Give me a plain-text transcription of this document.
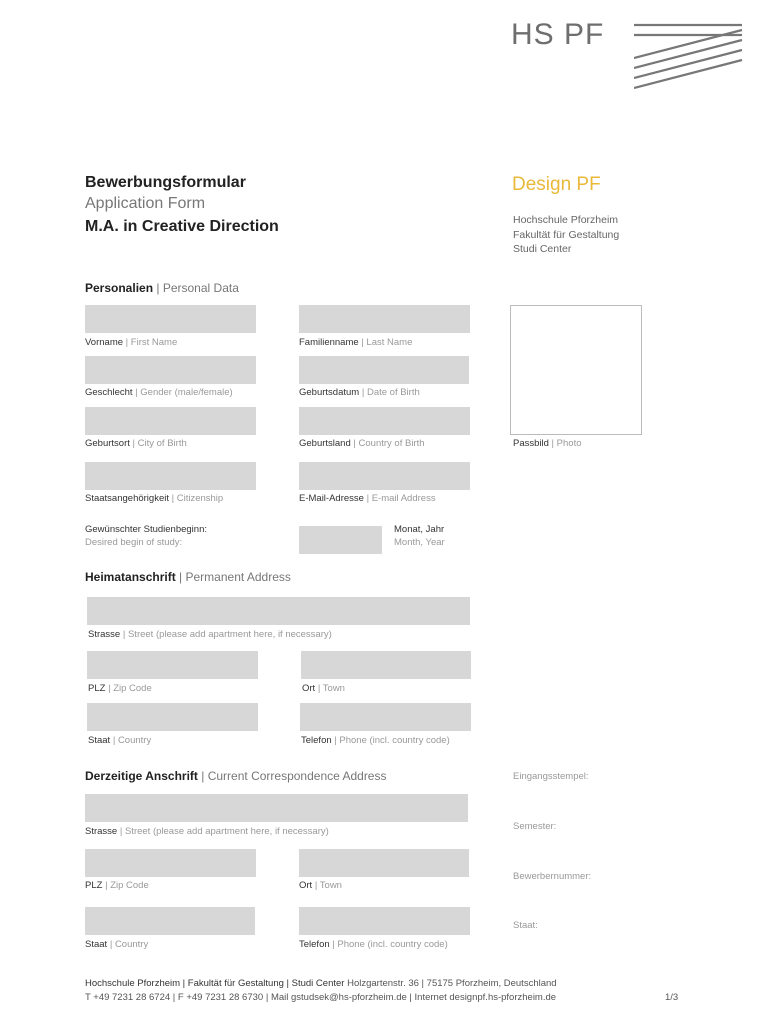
HS PF
Bewerbungsformular
Application Form
M.A. in Creative Direction
Design PF
Hochschule Pforzheim
Fakultät für Gestaltung
Studi Center
Personalien | Personal Data
Vorname | First Name	Familienname | Last Name
Geschlecht | Gender (male/female)	Geburtsdatum | Date of Birth
Geburtsort | City of Birth	Geburtsland | Country of Birth	Passbild | Photo
Staatsangehörigkeit | Citizenship	E-Mail-Adresse | E-mail Address
Gewünschter Studienbeginn:
Desired begin of study:
Monat, Jahr
Month, Year
Heimatanschrift | Permanent Address
Strasse | Street (please add apartment here, if necessary)
PLZ | Zip Code	Ort | Town
Staat | Country	Telefon | Phone (incl. country code)
Derzeitige Anschrift | Current Correspondence Address
Strasse | Street (please add apartment here, if necessary)
PLZ | Zip Code	Ort | Town
Staat | Country	Telefon | Phone (incl. country code)
Eingangsstempel:
Semester:
Bewerbernummer:
Staat:
Hochschule Pforzheim | Fakultät für Gestaltung | Studi Center Holzgartenstr. 36 | 75175 Pforzheim, Deutschland
T +49 7231 28 6724 | F +49 7231 28 6730 | Mail gstudsek@hs-pforzheim.de | Internet designpf.hs-pforzheim.de	1/3
